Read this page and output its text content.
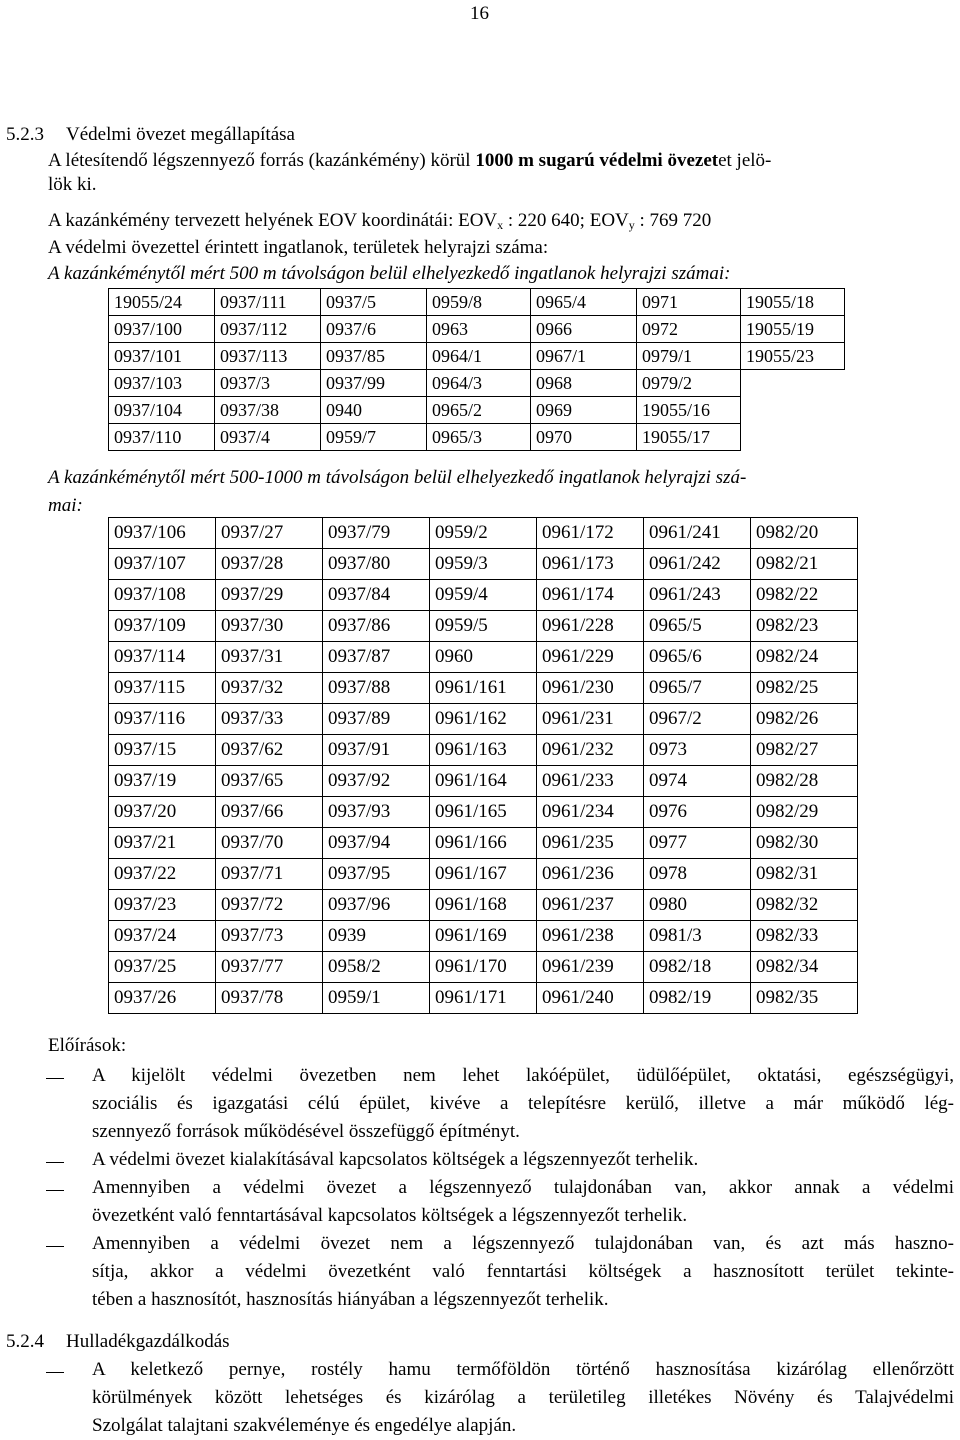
16
5.2.3 Védelmi övezet megállapítása
A létesítendő légszennyező forrás (kazánkémény) körül 1000 m sugarú védelmi övezetet jelö-
lök ki.
A kazánkémény tervezett helyének EOV koordinátái: $EOV_x$ : 220 640; $EOV_y$ : 769 720
A védelmi övezettel érintett ingatlanok, területek helyrajzi száma:
A kazánkéménytől mért 500 m távolságon belül elhelyezkedő ingatlanok helyrajzi számai:
19055/24	0937/111	0937/5	0959/8	0965/4	0971	19055/18
0937/100	0937/112	0937/6	0963	0966	0972	19055/19
0937/101	0937/113	0937/85	0964/1	0967/1	0979/1	19055/23
0937/103	0937/3	0937/99	0964/3	0968	0979/2	
0937/104	0937/38	0940	0965/2	0969	19055/16	
0937/110	0937/4	0959/7	0965/3	0970	19055/17	
A kazánkéménytől mért 500-1000 m távolságon belül elhelyezkedő ingatlanok helyrajzi szá-
mai:
0937/106	0937/27	0937/79	0959/2	0961/172	0961/241	0982/20
0937/107	0937/28	0937/80	0959/3	0961/173	0961/242	0982/21
0937/108	0937/29	0937/84	0959/4	0961/174	0961/243	0982/22
0937/109	0937/30	0937/86	0959/5	0961/228	0965/5	0982/23
0937/114	0937/31	0937/87	0960	0961/229	0965/6	0982/24
0937/115	0937/32	0937/88	0961/161	0961/230	0965/7	0982/25
0937/116	0937/33	0937/89	0961/162	0961/231	0967/2	0982/26
0937/15	0937/62	0937/91	0961/163	0961/232	0973	0982/27
0937/19	0937/65	0937/92	0961/164	0961/233	0974	0982/28
0937/20	0937/66	0937/93	0961/165	0961/234	0976	0982/29
0937/21	0937/70	0937/94	0961/166	0961/235	0977	0982/30
0937/22	0937/71	0937/95	0961/167	0961/236	0978	0982/31
0937/23	0937/72	0937/96	0961/168	0961/237	0980	0982/32
0937/24	0937/73	0939	0961/169	0961/238	0981/3	0982/33
0937/25	0937/77	0958/2	0961/170	0961/239	0982/18	0982/34
0937/26	0937/78	0959/1	0961/171	0961/240	0982/19	0982/35
Előírások:
A kijelölt védelmi övezetben nem lehet lakóépület, üdülőépület, oktatási, egészségügyi,
szociális és igazgatási célú épület, kivéve a telepítésre kerülő, illetve a már működő lég-
szennyező források működésével összefüggő építményt.
A védelmi övezet kialakításával kapcsolatos költségek a légszennyezőt terhelik.
Amennyiben a védelmi övezet a légszennyező tulajdonában van, akkor annak a védelmi
övezetként való fenntartásával kapcsolatos költségek a légszennyezőt terhelik.
Amennyiben a védelmi övezet nem a légszennyező tulajdonában van, és azt más haszno-
sítja, akkor a védelmi övezetként való fenntartási költségek a hasznosított terület tekinte-
tében a hasznosítót, hasznosítás hiányában a légszennyezőt terhelik.
5.2.4 Hulladékgazdálkodás
A keletkező pernye, rostély hamu termőföldön történő hasznosítása kizárólag ellenőrzött
körülmények között lehetséges és kizárólag a területileg illetékes Növény és Talajvédelmi
Szolgálat talajtani szakvéleménye és engedélye alapján.
